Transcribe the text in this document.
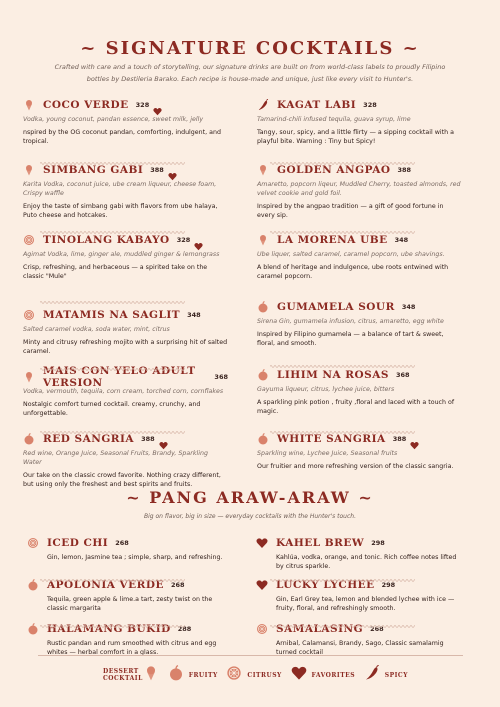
~ SIGNATURE COCKTAILS ~
Crafted with care and a touch of storytelling, our signature drinks are built on from world-class labels to proudly Filipino bottles by Destileria Barako. Each recipe is house-made and unique, just like every visit to Hunter's.
COCO VERDE 328
Vodka, young coconut, pandan essence, sweet milk, jelly
nspired by the OG coconut pandan, comforting, indulgent, and tropical.
KAGAT LABI 328
Tamarind-chili infused tequila, guava syrup, lime
Tangy, sour, spicy, and a little flirty — a sipping cocktail with a playful bite. Warning : Tiny but Spicy!
SIMBANG GABI 388
Karita Vodka, coconut juice, ube cream liqueur, cheese foam, Crispy waffle
Enjoy the taste of simbang gabi with flavors from ube halaya, Puto cheese and hotcakes.
GOLDEN ANGPAO 388
Amaretto, popcorn liqeur, Muddled Cherry, toasted almonds, red velvet cookie and gold foil.
Inspired by the angpao tradition — a gift of good fortune in every sip.
TINOLANG KABAYO 328
Agimat Vodka, lime, ginger ale, muddled ginger & lemongrass
Crisp, refreshing, and herbaceous — a spirited take on the classic "Mule"
LA MORENA UBE 348
Ube liquer, salted caramel, caramel popcorn, ube shavings.
A blend of heritage and indulgence, ube roots entwined with caramel popcorn.
MATAMIS NA SAGLIT 348
Salted caramel vodka, soda water, mint, citrus
Minty and citrusy refreshing mojito with a surprising hit of salted caramel.
GUMAMELA SOUR 348
Sirena Gin, gumamela infusion, citrus, amaretto, egg white
Inspired by Filipino gumamela — a balance of tart & sweet, floral, and smooth.
MAIS CON YELO ADULT VERSION	368
Vodka, vermouth, tequila, corn cream, torched corn, cornflakes
Nostalgic comfort turned cocktail. creamy, crunchy, and unforgettable.
LIHIM NA ROSAS 368
Gayuma liqueur, citrus, lychee juice, bitters
A sparkling pink potion , fruity ,floral and laced with a touch of magic.
RED SANGRIA 388
Red wine, Orange Juice, Seasonal Fruits, Brandy, Sparkling Water
Our take on the classic crowd favorite. Nothing crazy different, but using only the freshest and best spirits and fruits.
WHITE SANGRIA 388
Sparkling wine, Lychee Juice, Seasonal fruits
Our fruitier and more refreshing version of the classic sangria.
~ PANG ARAW-ARAW ~
Big on flavor, big in size — everyday cocktails with the Hunter's touch.
ICED CHI 268
Gin, lemon, Jasmine tea ; simple, sharp, and refreshing.
KAHEL BREW 298
Kahlúa, vodka, orange, and tonic. Rich coffee notes lifted by citrus sparkle.
APOLONIA VERDE 268
Tequila, green apple & lime.a tart, zesty twist on the classic margarita
LUCKY LYCHEE 298
Gin, Earl Grey tea, lemon and blended lychee with ice — fruity, floral, and refreshingly smooth.
HALAMANG BUKID 288
Rustic pandan and rum smoothed with citrus and egg whites — herbal comfort in a glass.
SAMALASING 268
Arnibal, Calamansi, Brandy, Sago, Classic samalamig turned cocktail
DESSERT COCKTAIL	FRUITY	CITRUSY	FAVORITES	SPICY
